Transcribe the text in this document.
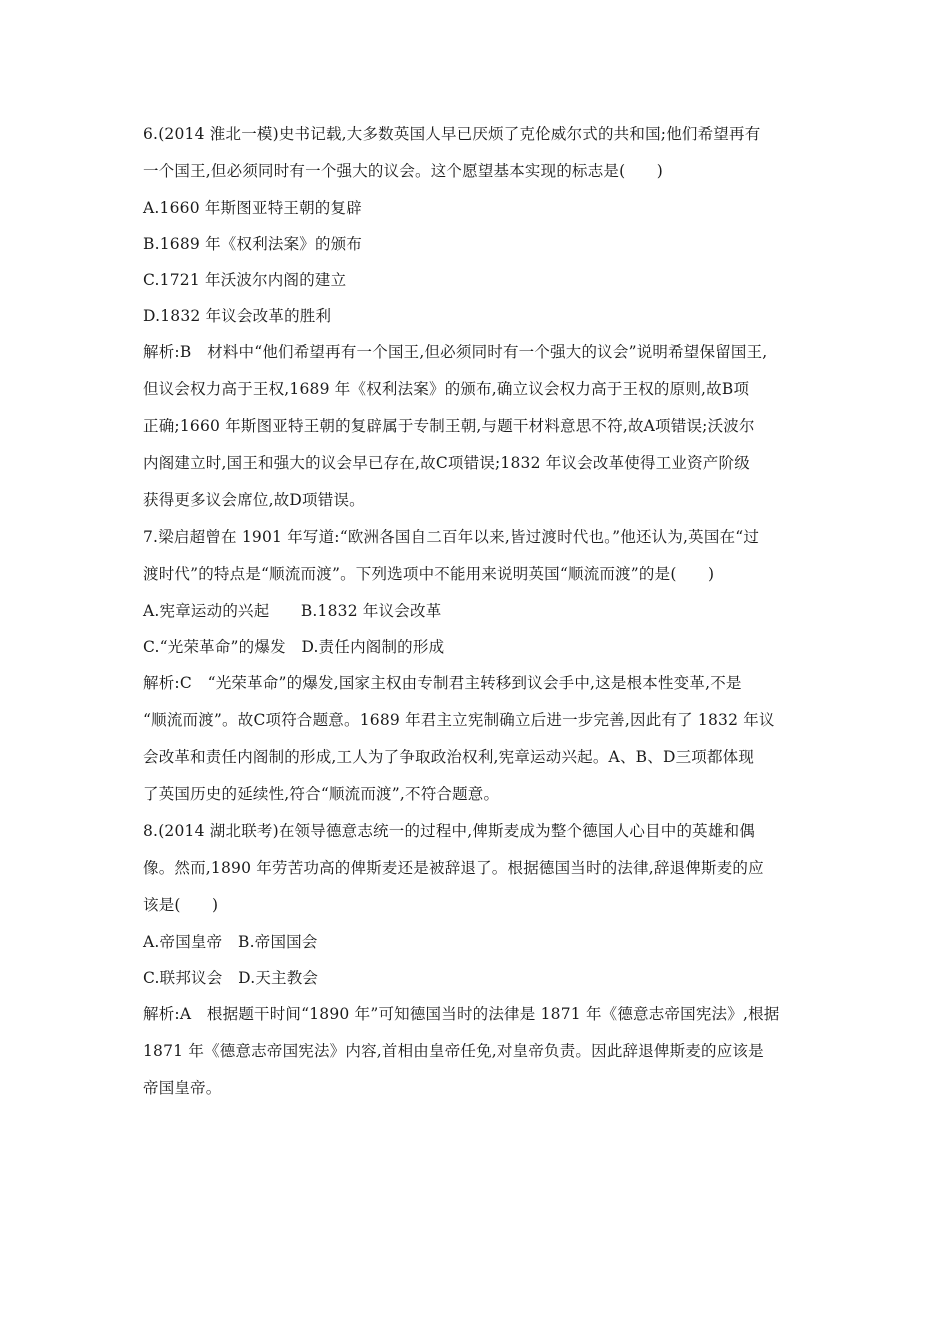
6.(2014 淮北一模)史书记载,大多数英国人早已厌烦了克伦威尔式的共和国;他们希望再有
一个国王,但必须同时有一个强大的议会。这个愿望基本实现的标志是(　　)
A.1660 年斯图亚特王朝的复辟
B.1689 年《权利法案》的颁布
C.1721 年沃波尔内阁的建立
D.1832 年议会改革的胜利
解析:B　材料中“他们希望再有一个国王,但必须同时有一个强大的议会”说明希望保留国王,
但议会权力高于王权,1689 年《权利法案》的颁布,确立议会权力高于王权的原则,故B项
正确;1660 年斯图亚特王朝的复辟属于专制王朝,与题干材料意思不符,故A项错误;沃波尔
内阁建立时,国王和强大的议会早已存在,故C项错误;1832 年议会改革使得工业资产阶级
获得更多议会席位,故D项错误。
7.梁启超曾在 1901 年写道:“欧洲各国自二百年以来,皆过渡时代也。”他还认为,英国在“过
渡时代”的特点是“顺流而渡”。下列选项中不能用来说明英国“顺流而渡”的是(　　)
A.宪章运动的兴起　　B.1832 年议会改革
C.“光荣革命”的爆发　D.责任内阁制的形成
解析:C　“光荣革命”的爆发,国家主权由专制君主转移到议会手中,这是根本性变革,不是
“顺流而渡”。故C项符合题意。1689 年君主立宪制确立后进一步完善,因此有了 1832 年议
会改革和责任内阁制的形成,工人为了争取政治权利,宪章运动兴起。A、B、D三项都体现
了英国历史的延续性,符合“顺流而渡”,不符合题意。
8.(2014 湖北联考)在领导德意志统一的过程中,俾斯麦成为整个德国人心目中的英雄和偶
像。然而,1890 年劳苦功高的俾斯麦还是被辞退了。根据德国当时的法律,辞退俾斯麦的应
该是(　　)
A.帝国皇帝　B.帝国国会
C.联邦议会　D.天主教会
解析:A　根据题干时间“1890 年”可知德国当时的法律是 1871 年《德意志帝国宪法》,根据
1871 年《德意志帝国宪法》内容,首相由皇帝任免,对皇帝负责。因此辞退俾斯麦的应该是
帝国皇帝。
